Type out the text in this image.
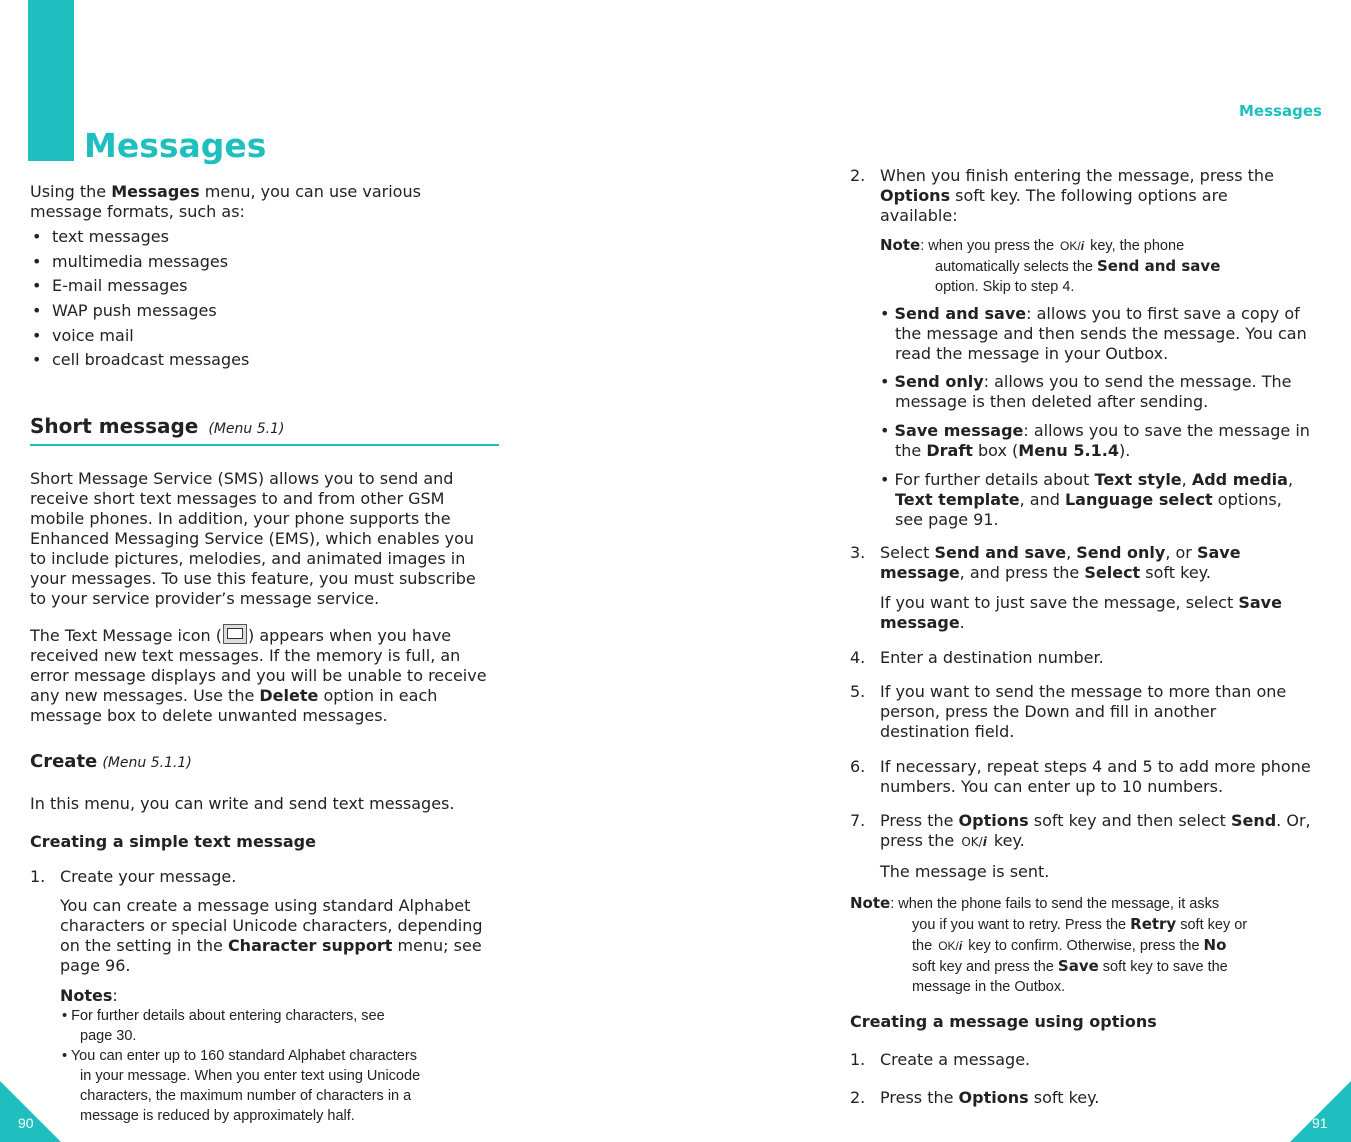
Messages
Using the Messages menu, you can use various
message formats, such as:
• text messages
• multimedia messages
• E-mail messages
• WAP push messages
• voice mail
• cell broadcast messages
Short message (Menu 5.1)
Short Message Service (SMS) allows you to send and
receive short text messages to and from other GSM
mobile phones. In addition, your phone supports the
Enhanced Messaging Service (EMS), which enables you
to include pictures, melodies, and animated images in
your messages. To use this feature, you must subscribe
to your service provider’s message service.
The Text Message icon ( ) appears when you have
received new text messages. If the memory is full, an
error message displays and you will be unable to receive
any new messages. Use the Delete option in each
message box to delete unwanted messages.
Create (Menu 5.1.1)
In this menu, you can write and send text messages.
Creating a simple text message
1. Create your message.
You can create a message using standard Alphabet
characters or special Unicode characters, depending
on the setting in the Character support menu; see
page 96.
Notes:
• For further details about entering characters, see
page 30.
• You can enter up to 160 standard Alphabet characters
in your message. When you enter text using Unicode
characters, the maximum number of characters in a
message is reduced by approximately half.
90
Messages
2. When you finish entering the message, press the
Options soft key. The following options are
available:
Note: when you press the OK/i key, the phone
automatically selects the Send and save
option. Skip to step 4.
• Send and save: allows you to first save a copy of
the message and then sends the message. You can
read the message in your Outbox.
• Send only: allows you to send the message. The
message is then deleted after sending.
• Save message: allows you to save the message in
the Draft box (Menu 5.1.4).
• For further details about Text style, Add media,
Text template, and Language select options,
see page 91.
3. Select Send and save, Send only, or Save
message, and press the Select soft key.
If you want to just save the message, select Save
message.
4. Enter a destination number.
5. If you want to send the message to more than one
person, press the Down and fill in another
destination field.
6. If necessary, repeat steps 4 and 5 to add more phone
numbers. You can enter up to 10 numbers.
7. Press the Options soft key and then select Send. Or,
press the OK/i key.
The message is sent.
Note: when the phone fails to send the message, it asks
you if you want to retry. Press the Retry soft key or
the OK/i key to confirm. Otherwise, press the No
soft key and press the Save soft key to save the
message in the Outbox.
Creating a message using options
1. Create a message.
2. Press the Options soft key.
91
